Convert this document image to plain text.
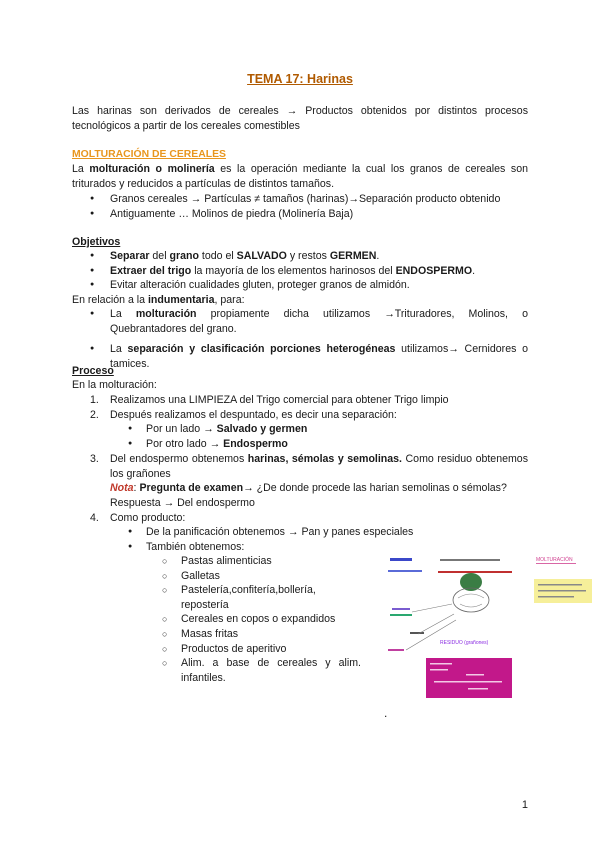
TEMA 17: Harinas
Las harinas son derivados de cereales → Productos obtenidos por distintos procesos tecnológicos a partir de los cereales comestibles
MOLTURACIÓN DE CEREALES
La molturación o molinería es la operación mediante la cual los granos de cereales son triturados y reducidos a partículas de distintos tamaños.
● Granos cereales → Partículas ≠ tamaños (harinas)→Separación producto obtenido
● Antiguamente … Molinos de piedra (Molinería Baja)
Objetivos
● Separar del grano todo el SALVADO y restos GERMEN.
● Extraer del trigo la mayoría de los elementos harinosos del ENDOSPERMO.
● Evitar alteración cualidades gluten, proteger granos de almidón.
En relación a la indumentaria, para:
● La molturación propiamente dicha utilizamos →Trituradores, Molinos, o Quebrantadores del grano.
● La separación y clasificación porciones heterogéneas utilizamos→ Cernidores o tamices.
Proceso
En la molturación:
1. Realizamos una LIMPIEZA del Trigo comercial para obtener Trigo limpio
2. Después realizamos el despuntado, es decir una separación:
● Por un lado → Salvado y germen
● Por otro lado → Endospermo
3. Del endospermo obtenemos harinas, sémolas y semolinas. Como residuo obtenemos los grañones
Nota: Pregunta de examen→ ¿De donde procede las harian semolinas o sémolas?
Respuesta → Del endospermo
4. Como producto:
● De la panificación obtenemos → Pan y panes especiales
● También obtenemos:
○ Pastas alimenticias
○ Galletas
○ Pastelería,confitería,bollería, repostería
○ Cereales en copos o expandidos
○ Masas fritas
○ Productos de aperitivo
○ Alim. a base de cereales y alim. infantiles.
MOLTURACIÓN
RESIDUO (grañones)
.
1
